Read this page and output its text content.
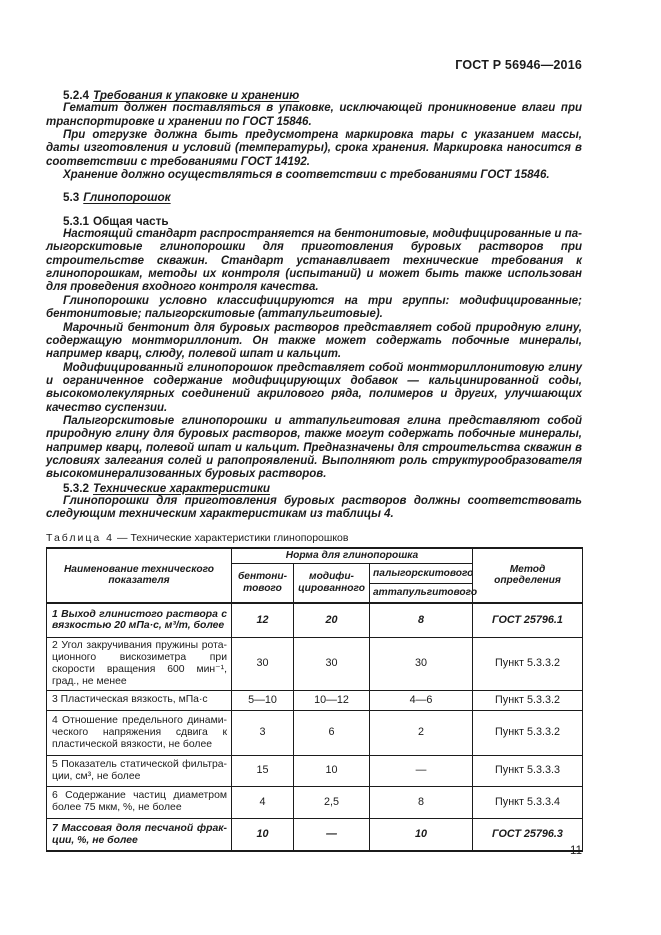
ГОСТ Р 56946—2016
5.2.4 Требования к упаковке и хранению

Гематит должен поставляться в упаковке, исключающей проникновение влаги при транспортировке и хранении по ГОСТ 15846.

При отгрузке должна быть предусмотрена маркировка тары с указанием массы, даты изготовления и условий (температуры), срока хранения. Маркировка наносится в соответствии с требованиями ГОСТ 14192.

Хранение должно осуществляться в соответствии с требованиями ГОСТ 15846.

5.3 Глинопорошок
5.3.1 Общая часть

Настоящий стандарт распространяется на бентонитовые, модифицированные и палыгорскитовые глинопорошки для приготовления буровых растворов при строительстве скважин. Стандарт устанавливает технические требования к глинопорошкам, методы их контроля (испытаний) и может быть также использован для проведения входного контроля качества.

Глинопорошки условно классифицируются на три группы: модифицированные; бентонитовые; палыгорскитовые (аттапульгитовые).

Марочный бентонит для буровых растворов представляет собой природную глину, содержащую монтмориллонит. Он также может содержать побочные минералы, например кварц, слюду, полевой шпат и кальцит.

Модифицированный глинопорошок представляет собой монтмориллонитовую глину и ограниченное содержание модифицирующих добавок — кальцинированной соды, высокомолекулярных соединений акрилового ряда, полимеров и других, улучшающих качество суспензии.

Палыгорскитовые глинопорошки и аттапульгитовая глина представляют собой природную глину для буровых растворов, также могут содержать побочные минералы, например кварц, полевой шпат и кальцит. Предназначены для строительства скважин в условиях залегания солей и рапопроявлений. Выполняют роль структурообразователя высокоминерализованных буровых растворов.

5.3.2 Технические характеристики

Глинопорошки для приготовления буровых растворов должны соответствовать следующим техническим характеристикам из таблицы 4.

Таблица 4 — Технические характеристики глинопорошков
Наименование технического показателя	Норма для глинопорошка			Метод определения
	бентони-тового	модифи-цированного	палыгорскитового	
			аттапульгитового	
1 Выход глинистого раствора с вязкостью 20 мПа·с, м³/т, более	12	20	8	ГОСТ 25796.1
2 Угол закручивания пружины ротационного вискозиметра при скорости вращения 600 мин⁻¹, град., не менее	30	30	30	Пункт 5.3.3.2
3 Пластическая вязкость, мПа·с	5—10	10—12	4—6	Пункт 5.3.3.2
4 Отношение предельного динамического напряжения сдвига к пластической вязкости, не более	3	6	2	Пункт 5.3.3.2
5 Показатель статической фильтрации, см³, не более	15	10	—	Пункт 5.3.3.3
6 Содержание частиц диаметром более 75 мкм, %, не более	4	2,5	8	Пункт 5.3.3.4
7 Массовая доля песчаной фракции, %, не более	10	—	10	ГОСТ 25796.3
11
